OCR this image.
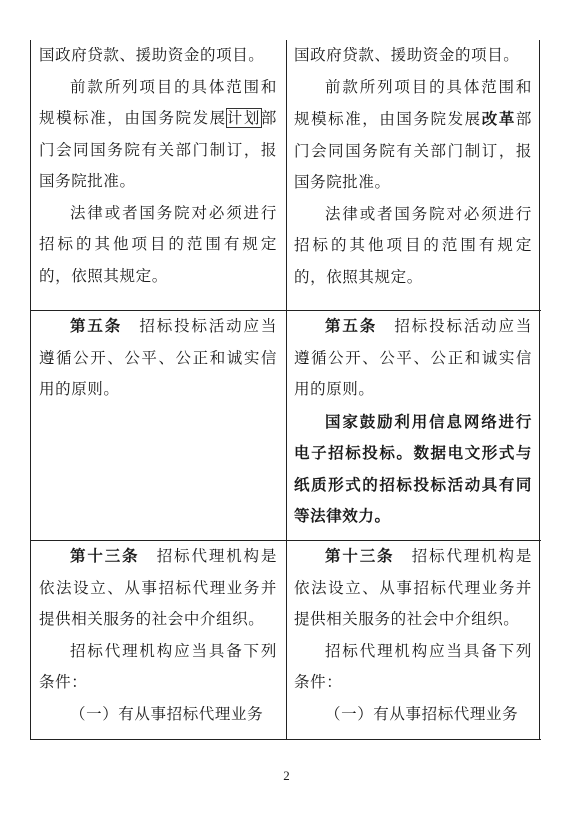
国政府贷款、援助资金的项目。

前款所列项目的具体范围和规模标准，由国务院发展计划部门会同国务院有关部门制订，报国务院批准。

法律或者国务院对必须进行招标的其他项目的范围有规定的，依照其规定。

国政府贷款、援助资金的项目。

前款所列项目的具体范围和规模标准，由国务院发展改革部门会同国务院有关部门制订，报国务院批准。

法律或者国务院对必须进行招标的其他项目的范围有规定的，依照其规定。

第五条　 招标投标活动应当遵循公开、公平、公正和诚实信用的原则。

第五条　 招标投标活动应当遵循公开、公平、公正和诚实信用的原则。

国家鼓励利用信息网络进行电子招标投标。数据电文形式与纸质形式的招标投标活动具有同等法律效力。

第十三条　 招标代理机构是依法设立、从事招标代理业务并提供相关服务的社会中介组织。

招标代理机构应当具备下列条件：

（一）有从事招标代理业务

第十三条　 招标代理机构是依法设立、从事招标代理业务并提供相关服务的社会中介组织。

招标代理机构应当具备下列条件：

（一）有从事招标代理业务

2
